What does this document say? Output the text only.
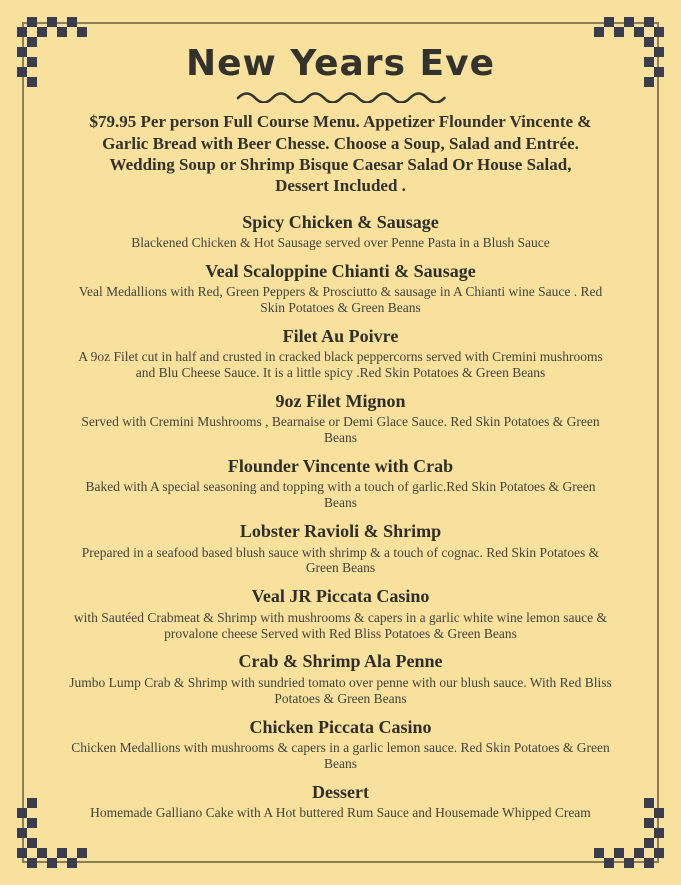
New Years Eve

$79.95 Per person Full Course Menu. Appetizer Flounder Vincente & Garlic Bread with Beer Chesse. Choose a Soup, Salad and Entrée. Wedding Soup or Shrimp Bisque Caesar Salad Or House Salad, Dessert Included .

Spicy Chicken & Sausage

Blackened Chicken & Hot Sausage served over Penne Pasta in a Blush Sauce

Veal Scaloppine Chianti & Sausage

Veal Medallions with Red, Green Peppers & Prosciutto & sausage in A Chianti wine Sauce . Red Skin Potatoes & Green Beans

Filet Au Poivre

A 9oz Filet cut in half and crusted in cracked black peppercorns served with Cremini mushrooms and Blu Cheese Sauce. It is a little spicy .Red Skin Potatoes & Green Beans

9oz Filet Mignon

Served with Cremini Mushrooms , Bearnaise or Demi Glace Sauce. Red Skin Potatoes & Green Beans

Flounder Vincente with Crab

Baked with A special seasoning and topping with a touch of garlic.Red Skin Potatoes & Green Beans

Lobster Ravioli & Shrimp

Prepared in a seafood based blush sauce with shrimp & a touch of cognac. Red Skin Potatoes & Green Beans

Veal JR Piccata Casino

with Sautéed Crabmeat & Shrimp with mushrooms & capers in a garlic white wine lemon sauce & provalone cheese Served with Red Bliss Potatoes & Green Beans

Crab & Shrimp Ala Penne

Jumbo Lump Crab & Shrimp with sundried tomato over penne with our blush sauce. With Red Bliss Potatoes & Green Beans

Chicken Piccata Casino

Chicken Medallions with mushrooms & capers in a garlic lemon sauce. Red Skin Potatoes & Green Beans

Dessert

Homemade Galliano Cake with A Hot buttered Rum Sauce and Housemade Whipped Cream
